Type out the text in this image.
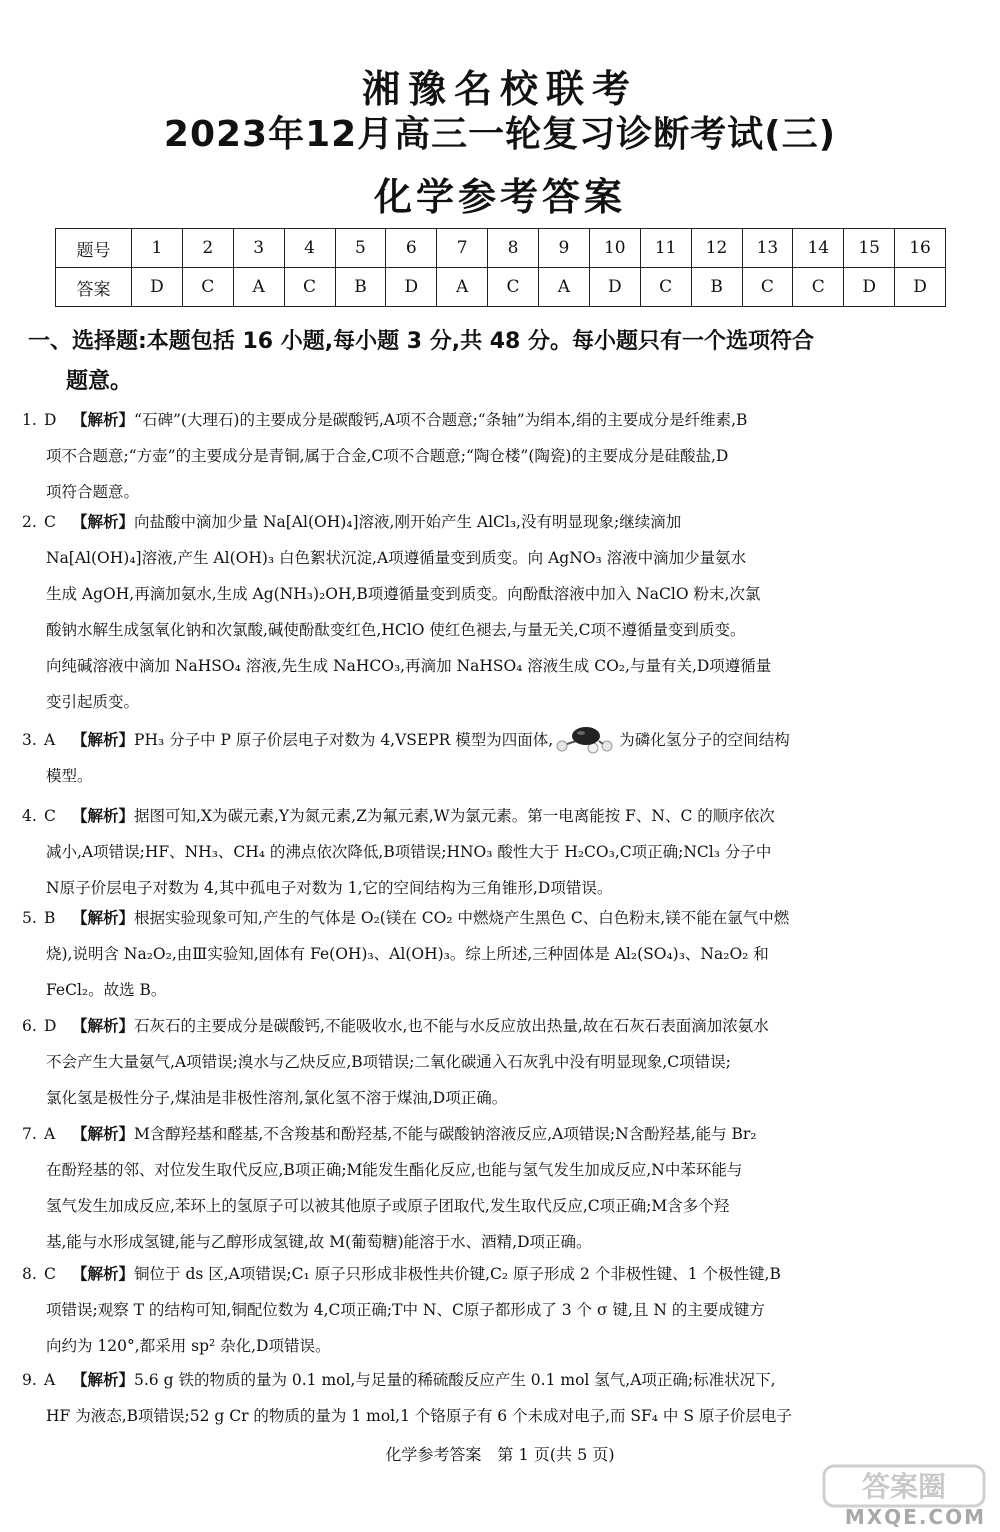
湘豫名校联考
2023年12月高三一轮复习诊断考试(三)
化学参考答案
题号	1	2	3	4	5	6	7	8	9	10	11	12	13	14	15	16
答案	D	C	A	C	B	D	A	C	A	D	C	B	C	C	D	D
一、选择题:本题包括 16 小题,每小题 3 分,共 48 分。每小题只有一个选项符合
题意。
1. D 【解析】“石碑”(大理石)的主要成分是碳酸钙,A项不合题意;“条轴”为绢本,绢的主要成分是纤维素,B
项不合题意;“方壶”的主要成分是青铜,属于合金,C项不合题意;“陶仓楼”(陶瓷)的主要成分是硅酸盐,D
项符合题意。
2. C 【解析】向盐酸中滴加少量 Na[Al(OH)₄]溶液,刚开始产生 AlCl₃,没有明显现象;继续滴加
Na[Al(OH)₄]溶液,产生 Al(OH)₃ 白色絮状沉淀,A项遵循量变到质变。向 AgNO₃ 溶液中滴加少量氨水
生成 AgOH,再滴加氨水,生成 Ag(NH₃)₂OH,B项遵循量变到质变。向酚酞溶液中加入 NaClO 粉末,次氯
酸钠水解生成氢氧化钠和次氯酸,碱使酚酞变红色,HClO 使红色褪去,与量无关,C项不遵循量变到质变。
向纯碱溶液中滴加 NaHSO₄ 溶液,先生成 NaHCO₃,再滴加 NaHSO₄ 溶液生成 CO₂,与量有关,D项遵循量
变引起质变。
3. A 【解析】PH₃ 分子中 P 原子价层电子对数为 4,VSEPR 模型为四面体,	为磷化氢分子的空间结构
模型。
4. C 【解析】据图可知,X为碳元素,Y为氮元素,Z为氟元素,W为氯元素。第一电离能按 F、N、C 的顺序依次
减小,A项错误;HF、NH₃、CH₄ 的沸点依次降低,B项错误;HNO₃ 酸性大于 H₂CO₃,C项正确;NCl₃ 分子中
N原子价层电子对数为 4,其中孤电子对数为 1,它的空间结构为三角锥形,D项错误。
5. B 【解析】根据实验现象可知,产生的气体是 O₂(镁在 CO₂ 中燃烧产生黑色 C、白色粉末,镁不能在氩气中燃
烧),说明含 Na₂O₂,由Ⅲ实验知,固体有 Fe(OH)₃、Al(OH)₃。综上所述,三种固体是 Al₂(SO₄)₃、Na₂O₂ 和
FeCl₂。故选 B。
6. D 【解析】石灰石的主要成分是碳酸钙,不能吸收水,也不能与水反应放出热量,故在石灰石表面滴加浓氨水
不会产生大量氨气,A项错误;溴水与乙炔反应,B项错误;二氧化碳通入石灰乳中没有明显现象,C项错误;
氯化氢是极性分子,煤油是非极性溶剂,氯化氢不溶于煤油,D项正确。
7. A 【解析】M含醇羟基和醛基,不含羧基和酚羟基,不能与碳酸钠溶液反应,A项错误;N含酚羟基,能与 Br₂
在酚羟基的邻、对位发生取代反应,B项正确;M能发生酯化反应,也能与氢气发生加成反应,N中苯环能与
氢气发生加成反应,苯环上的氢原子可以被其他原子或原子团取代,发生取代反应,C项正确;M含多个羟
基,能与水形成氢键,能与乙醇形成氢键,故 M(葡萄糖)能溶于水、酒精,D项正确。
8. C 【解析】铜位于 ds 区,A项错误;C₁ 原子只形成非极性共价键,C₂ 原子形成 2 个非极性键、1 个极性键,B
项错误;观察 T 的结构可知,铜配位数为 4,C项正确;T中 N、C原子都形成了 3 个 σ 键,且 N 的主要成键方
向约为 120°,都采用 sp² 杂化,D项错误。
9. A 【解析】5.6 g 铁的物质的量为 0.1 mol,与足量的稀硫酸反应产生 0.1 mol 氢气,A项正确;标准状况下,
HF 为液态,B项错误;52 g Cr 的物质的量为 1 mol,1 个铬原子有 6 个未成对电子,而 SF₄ 中 S 原子价层电子
化学参考答案　第 1 页(共 5 页)
答案圈
MXQE.COM
